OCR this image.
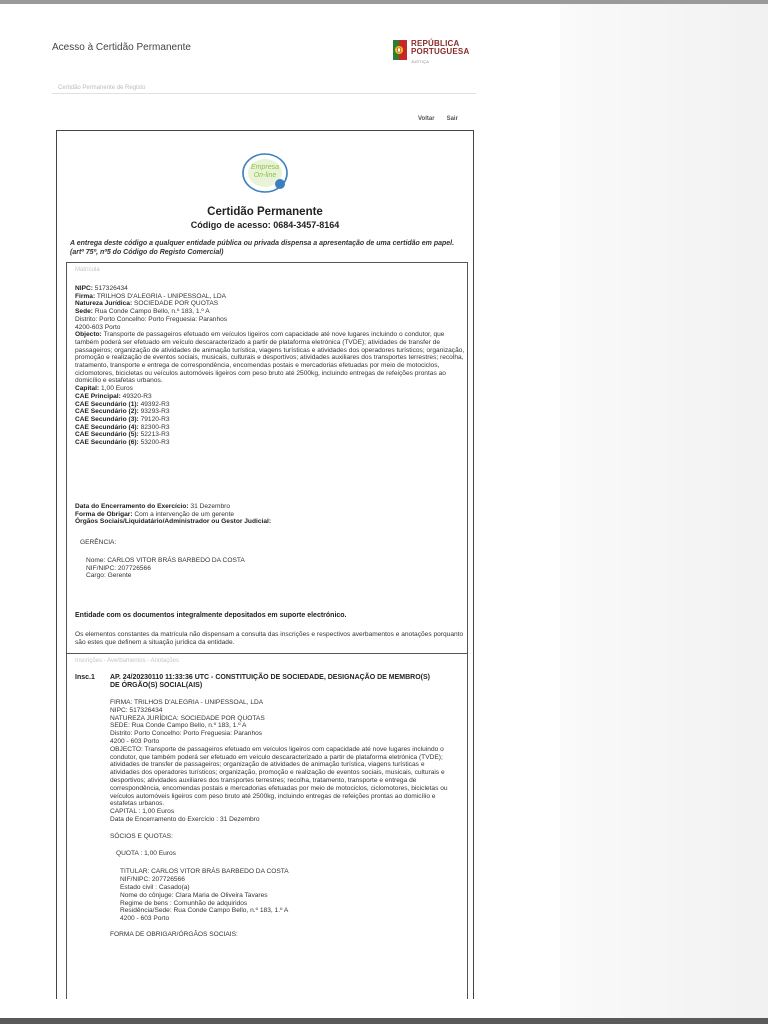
Acesso à Certidão Permanente	REPÚBLICA
PORTUGUESA
JUSTIÇA
Certidão Permanente de Registo
Voltar Sair
Empresa
On-line
Certidão Permanente
Código de acesso: 0684-3457-8164
A entrega deste código a qualquer entidade pública ou privada dispensa a apresentação de uma certidão em papel.(artº 75º, nº5 do Código do Registo Comercial)
Matrícula
NIPC: 517326434
Firma: TRILHOS D'ALEGRIA - UNIPESSOAL, LDA
Natureza Jurídica: SOCIEDADE POR QUOTAS
Sede: Rua Conde Campo Bello, n.º 183, 1.º A
Distrito: Porto Concelho: Porto Freguesia: Paranhos
4200-603 Porto
Objecto: Transporte de passageiros efetuado em veículos ligeiros com capacidade até nove lugares incluindo o condutor, que também poderá ser efetuado em veículo descaracterizado a partir de plataforma eletrónica (TVDE); atividades de transfer de passageiros; organização de atividades de animação turística, viagens turísticas e atividades dos operadores turísticos; organização, promoção e realização de eventos sociais, musicais, culturais e desportivos; atividades auxiliares dos transportes terrestres; recolha, tratamento, transporte e entrega de correspondência, encomendas postais e mercadorias efetuadas por meio de motociclos, ciclomotores, bicicletas ou veículos automóveis ligeiros com peso bruto até 2500kg, incluindo entregas de refeições prontas ao domicílio e estafetas urbanos.
Capital: 1,00 Euros
CAE Principal: 49320-R3
CAE Secundário (1): 49392-R3
CAE Secundário (2): 93293-R3
CAE Secundário (3): 79120-R3
CAE Secundário (4): 82300-R3
CAE Secundário (5): 52213-R3
CAE Secundário (6): 53200-R3
Data do Encerramento do Exercício: 31 Dezembro
Forma de Obrigar: Com a intervenção de um gerente
Órgãos Sociais/Liquidatário/Administrador ou Gestor Judicial:
GERÊNCIA:
Nome: CARLOS VITOR BRÁS BARBEDO DA COSTA
NIF/NIPC: 207726566
Cargo: Gerente
Entidade com os documentos integralmente depositados em suporte electrónico.
Os elementos constantes da matrícula não dispensam a consulta das inscrições e respectivos averbamentos e anotações porquanto são estes que definem a situação jurídica da entidade.
Inscrições - Averbamentos - Anotações
Insc.1 AP. 24/20230110 11:33:36 UTC - CONSTITUIÇÃO DE SOCIEDADE, DESIGNAÇÃO DE MEMBRO(S) DE ÓRGÃO(S) SOCIAL(AIS)
FIRMA: TRILHOS D'ALEGRIA - UNIPESSOAL, LDA
NIPC: 517326434
NATUREZA JURÍDICA: SOCIEDADE POR QUOTAS
SEDE: Rua Conde Campo Bello, n.º 183, 1.º A
Distrito: Porto Concelho: Porto Freguesia: Paranhos
4200 - 603 Porto
OBJECTO: Transporte de passageiros efetuado em veículos ligeiros com capacidade até nove lugares incluindo o condutor, que também poderá ser efetuado em veículo descaracterizado a partir de plataforma eletrónica (TVDE); atividades de transfer de passageiros; organização de atividades de animação turística, viagens turísticas e atividades dos operadores turísticos; organização, promoção e realização de eventos sociais, musicais, culturais e desportivos; atividades auxiliares dos transportes terrestres; recolha, tratamento, transporte e entrega de correspondência, encomendas postais e mercadorias efetuadas por meio de motociclos, ciclomotores, bicicletas ou veículos automóveis ligeiros com peso bruto até 2500kg, incluindo entregas de refeições prontas ao domicílio e estafetas urbanos.
CAPITAL : 1,00 Euros
Data de Encerramento do Exercício : 31 Dezembro
SÓCIOS E QUOTAS:
QUOTA : 1,00 Euros
TITULAR: CARLOS VITOR BRÁS BARBEDO DA COSTA
NIF/NIPC: 207726566
Estado civil : Casado(a)
Nome do cônjuge: Clara Maria de Oliveira Tavares
Regime de bens : Comunhão de adquiridos
Residência/Sede: Rua Conde Campo Bello, n.º 183, 1.º A
4200 - 603 Porto
FORMA DE OBRIGAR/ÓRGÃOS SOCIAIS:
